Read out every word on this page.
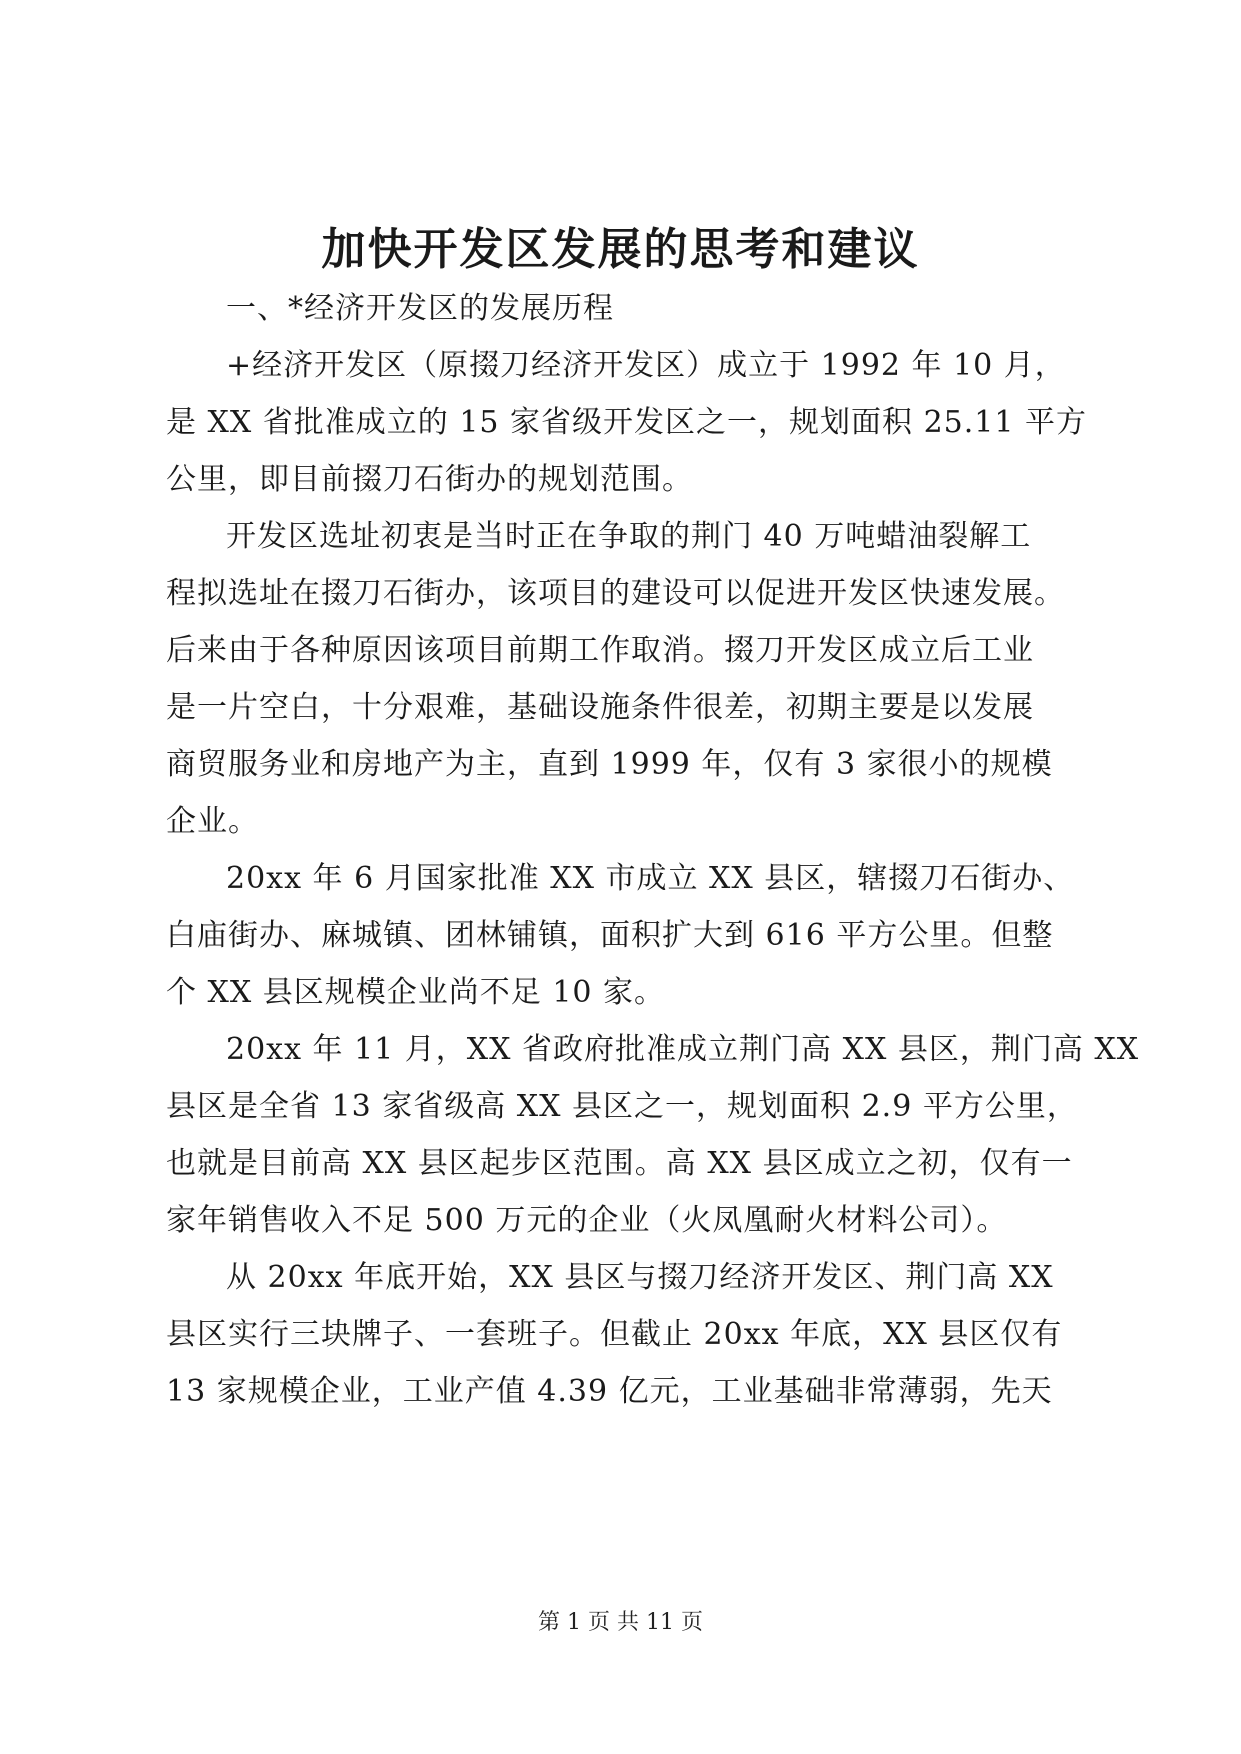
加快开发区发展的思考和建议
一、*经济开发区的发展历程
+经济开发区（原掇刀经济开发区）成立于 1992 年 10 月，
是 XX 省批准成立的 15 家省级开发区之一，规划面积 25.11 平方
公里，即目前掇刀石街办的规划范围。
开发区选址初衷是当时正在争取的荆门 40 万吨蜡油裂解工
程拟选址在掇刀石街办，该项目的建设可以促进开发区快速发展。
后来由于各种原因该项目前期工作取消。掇刀开发区成立后工业
是一片空白，十分艰难，基础设施条件很差，初期主要是以发展
商贸服务业和房地产为主，直到 1999 年，仅有 3 家很小的规模
企业。
20xx 年 6 月国家批准 XX 市成立 XX 县区，辖掇刀石街办、
白庙街办、麻城镇、团林铺镇，面积扩大到 616 平方公里。但整
个 XX 县区规模企业尚不足 10 家。
20xx 年 11 月，XX 省政府批准成立荆门高 XX 县区，荆门高 XX
县区是全省 13 家省级高 XX 县区之一，规划面积 2.9 平方公里，
也就是目前高 XX 县区起步区范围。高 XX 县区成立之初，仅有一
家年销售收入不足 500 万元的企业（火凤凰耐火材料公司）。
从 20xx 年底开始，XX 县区与掇刀经济开发区、荆门高 XX
县区实行三块牌子、一套班子。但截止 20xx 年底，XX 县区仅有
13 家规模企业，工业产值 4.39 亿元，工业基础非常薄弱，先天
第 1 页 共 11 页
